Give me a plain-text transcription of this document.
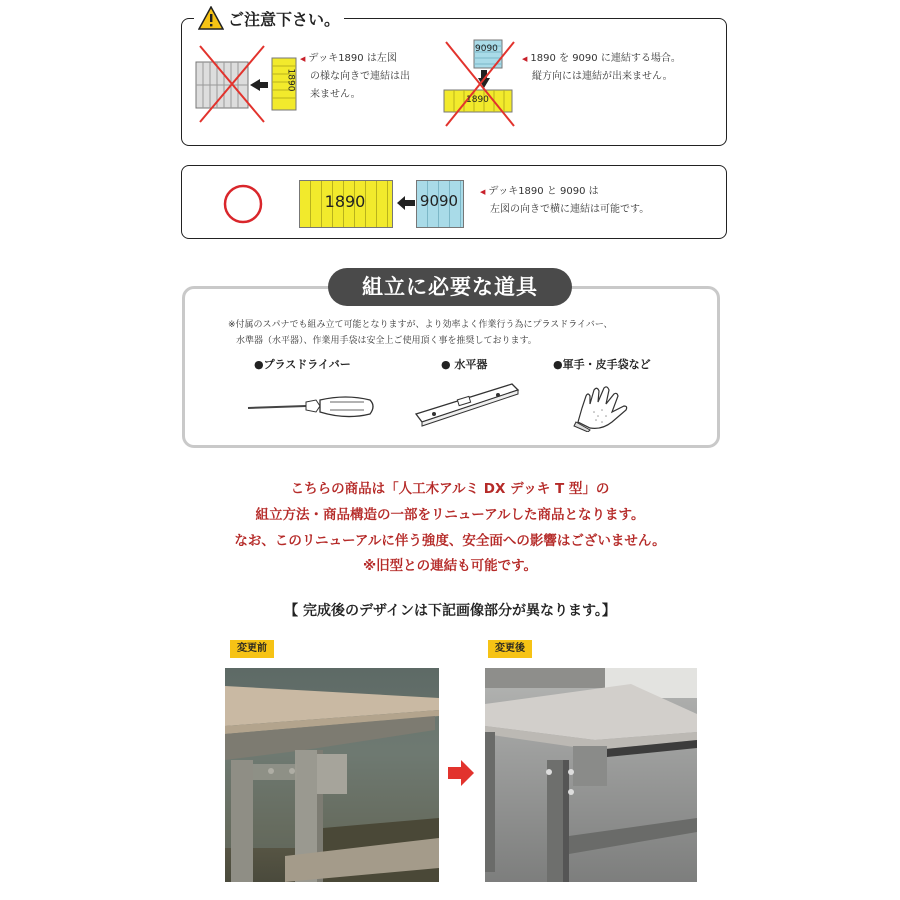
ご注意下さい。
1890
◀ デッキ1890 は左図
の様な向きで連結は出
来ません。
9090
1890
◀ 1890 を 9090 に連結する場合。
縦方向には連結が出来ません。
1890	9090	◀ デッキ1890 と 9090 は
左図の向きで横に連結は可能です。
組立に必要な道具
※付属のスパナでも組み立て可能となりますが、より効率よく作業行う為にプラスドライバー、
水準器（水平器）、作業用手袋は安全上ご使用頂く事を推奨しております。
●プラスドライバー	● 水平器	●軍手・皮手袋など
こちらの商品は「人工木アルミ DX デッキ T 型」の
組立方法・商品構造の一部をリニューアルした商品となります。
なお、このリニューアルに伴う強度、安全面への影響はございません。
※旧型との連結も可能です。
【 完成後のデザインは下記画像部分が異なります。】
変更前	変更後
